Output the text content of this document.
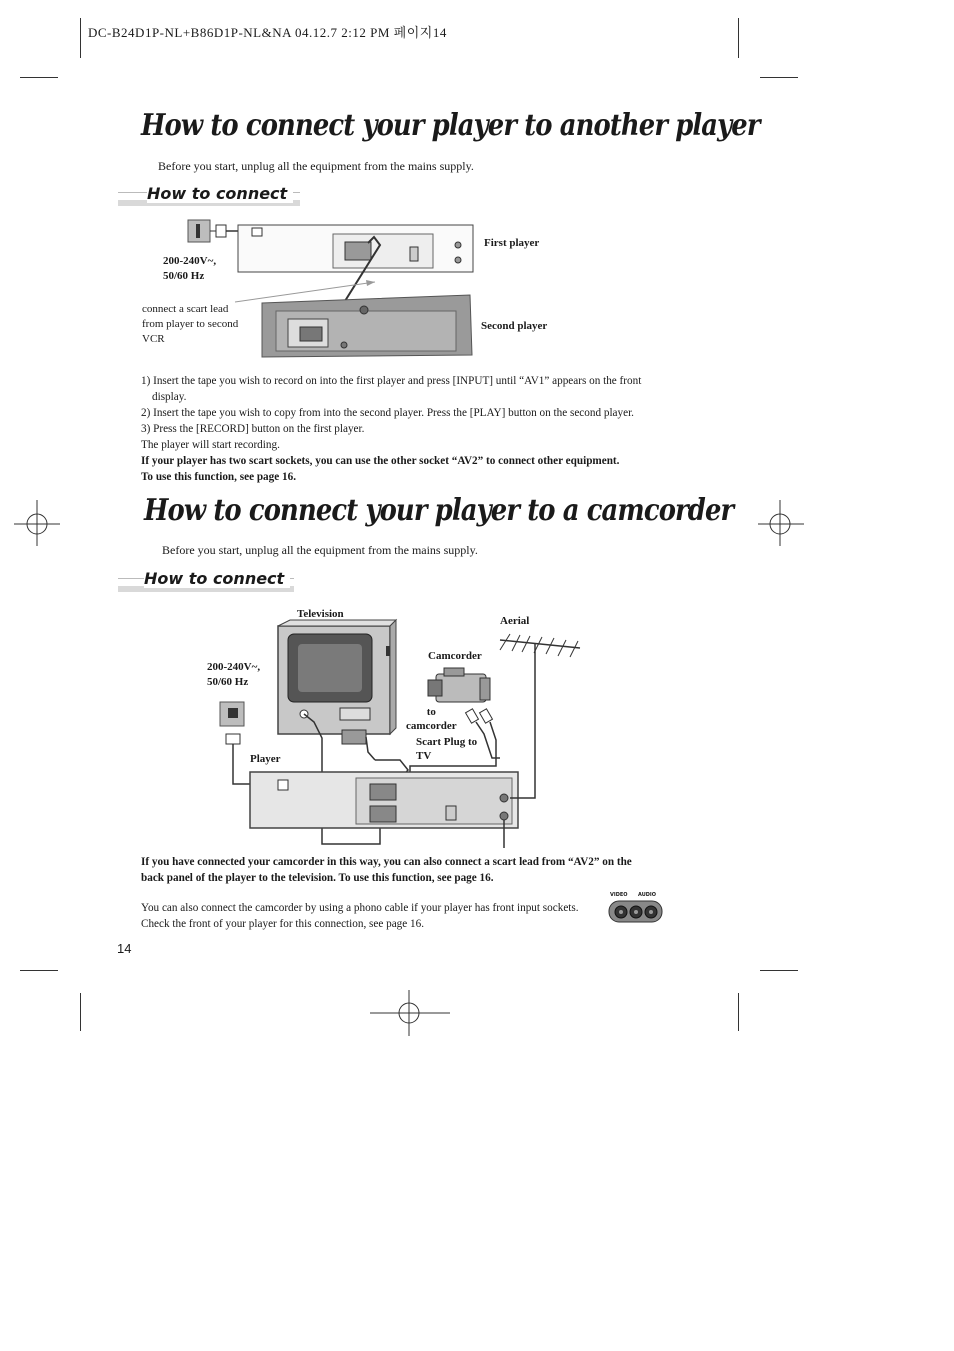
DC-B24D1P-NL+B86D1P-NL&NA 04.12.7 2:12 PM 페이지14
How to connect your player to another player
Before you start, unplug all the equipment from the mains supply.
How to connect
200-240V~,
50/60 Hz
First player
Second player
connect a scart lead
from player to second
VCR

1) Insert the tape you wish to record on into the first player and press [INPUT] until “AV1” appears on the front

display.

2) Insert the tape you wish to copy from into the second player. Press the [PLAY] button on the second player.

3) Press the [RECORD] button on the first player.

The player will start recording.

If your player has two scart sockets, you can use the other socket “AV2” to connect other equipment.

To use this function, see page 16.

How to connect your player to a camcorder
Before you start, unplug all the equipment from the mains supply.
How to connect
Television
Aerial
Camcorder
200-240V~,
50/60 Hz
to
camcorder
Scart Plug to
TV
Player

If you have connected your camcorder in this way, you can also connect a scart lead from “AV2” on the

back panel of the player to the television. To use this function, see page 16.

You can also connect the camcorder by using a phono cable if your player has front input sockets.

Check the front of your player for this connection, see page 16.

VIDEO AUDIO
14
